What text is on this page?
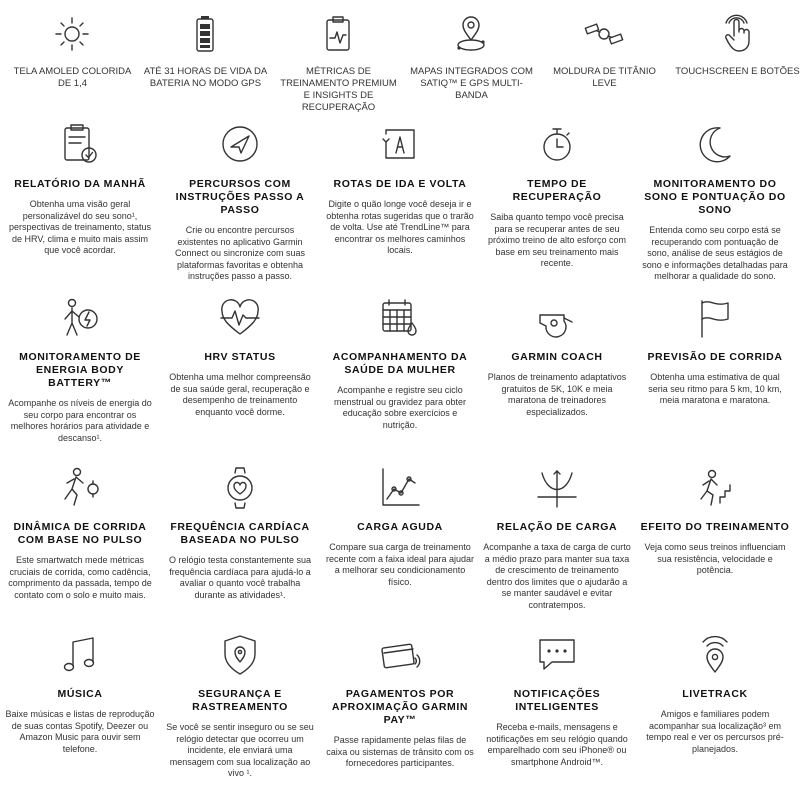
TELA AMOLED COLORIDA DE 1,4
ATÉ 31 HORAS DE VIDA DA BATERIA NO MODO GPS
MÉTRICAS DE TREINAMENTO PREMIUM E INSIGHTS DE RECUPERAÇÃO
MAPAS INTEGRADOS COM SATIQ™ E GPS MULTI-BANDA
MOLDURA DE TITÂNIO LEVE
TOUCHSCREEN E BOTÕES
RELATÓRIO DA MANHÃ
Obtenha uma visão geral personalizável do seu sono¹, perspectivas de treinamento, status de HRV, clima e muito mais assim que você acordar.
PERCURSOS COM INSTRUÇÕES PASSO A PASSO
Crie ou encontre percursos existentes no aplicativo Garmin Connect ou sincronize com suas plataformas favoritas e obtenha instruções passo a passo.
ROTAS DE IDA E VOLTA
Digite o quão longe você deseja ir e obtenha rotas sugeridas que o trarão de volta. Use até TrendLine™ para encontrar os melhores caminhos locais.
TEMPO DE RECUPERAÇÃO
Saiba quanto tempo você precisa para se recuperar antes de seu próximo treino de alto esforço com base em seu treinamento mais recente.
MONITORAMENTO DO SONO E PONTUAÇÃO DO SONO
Entenda como seu corpo está se recuperando com pontuação de sono, análise de seus estágios de sono e informações detalhadas para melhorar a qualidade do sono.
MONITORAMENTO DE ENERGIA BODY BATTERY™
Acompanhe os níveis de energia do seu corpo para encontrar os melhores horários para atividade e descanso¹.
HRV STATUS
Obtenha uma melhor compreensão de sua saúde geral, recuperação e desempenho de treinamento enquanto você dorme.
ACOMPANHAMENTO DA SAÚDE DA MULHER
Acompanhe e registre seu ciclo menstrual ou gravidez para obter educação sobre exercícios e nutrição.
GARMIN COACH
Planos de treinamento adaptativos gratuitos de 5K, 10K e meia maratona de treinadores especializados.
PREVISÃO DE CORRIDA
Obtenha uma estimativa de qual seria seu ritmo para 5 km, 10 km, meia maratona e maratona.
DINÂMICA DE CORRIDA COM BASE NO PULSO
Este smartwatch mede métricas cruciais de corrida, como cadência, comprimento da passada, tempo de contato com o solo e muito mais.
FREQUÊNCIA CARDÍACA BASEADA NO PULSO
O relógio testa constantemente sua frequência cardíaca para ajudá-lo a avaliar o quanto você trabalha durante as atividades¹.
CARGA AGUDA
Compare sua carga de treinamento recente com a faixa ideal para ajudar a melhorar seu condicionamento físico.
RELAÇÃO DE CARGA
Acompanhe a taxa de carga de curto a médio prazo para manter sua taxa de crescimento de treinamento dentro dos limites que o ajudarão a se manter saudável e evitar contratempos.
EFEITO DO TREINAMENTO
Veja como seus treinos influenciam sua resistência, velocidade e potência.
MÚSICA
Baixe músicas e listas de reprodução de suas contas Spotify, Deezer ou Amazon Music para ouvir sem telefone.
SEGURANÇA E RASTREAMENTO
Se você se sentir inseguro ou se seu relógio detectar que ocorreu um incidente, ele enviará uma mensagem com sua localização ao vivo ¹.
PAGAMENTOS POR APROXIMAÇÃO GARMIN PAY™
Passe rapidamente pelas filas de caixa ou sistemas de trânsito com os fornecedores participantes.
NOTIFICAÇÕES INTELIGENTES
Receba e-mails, mensagens e notificações em seu relógio quando emparelhado com seu iPhone® ou smartphone Android™.
LIVETRACK
Amigos e familiares podem acompanhar sua localização³ em tempo real e ver os percursos pré-planejados.
